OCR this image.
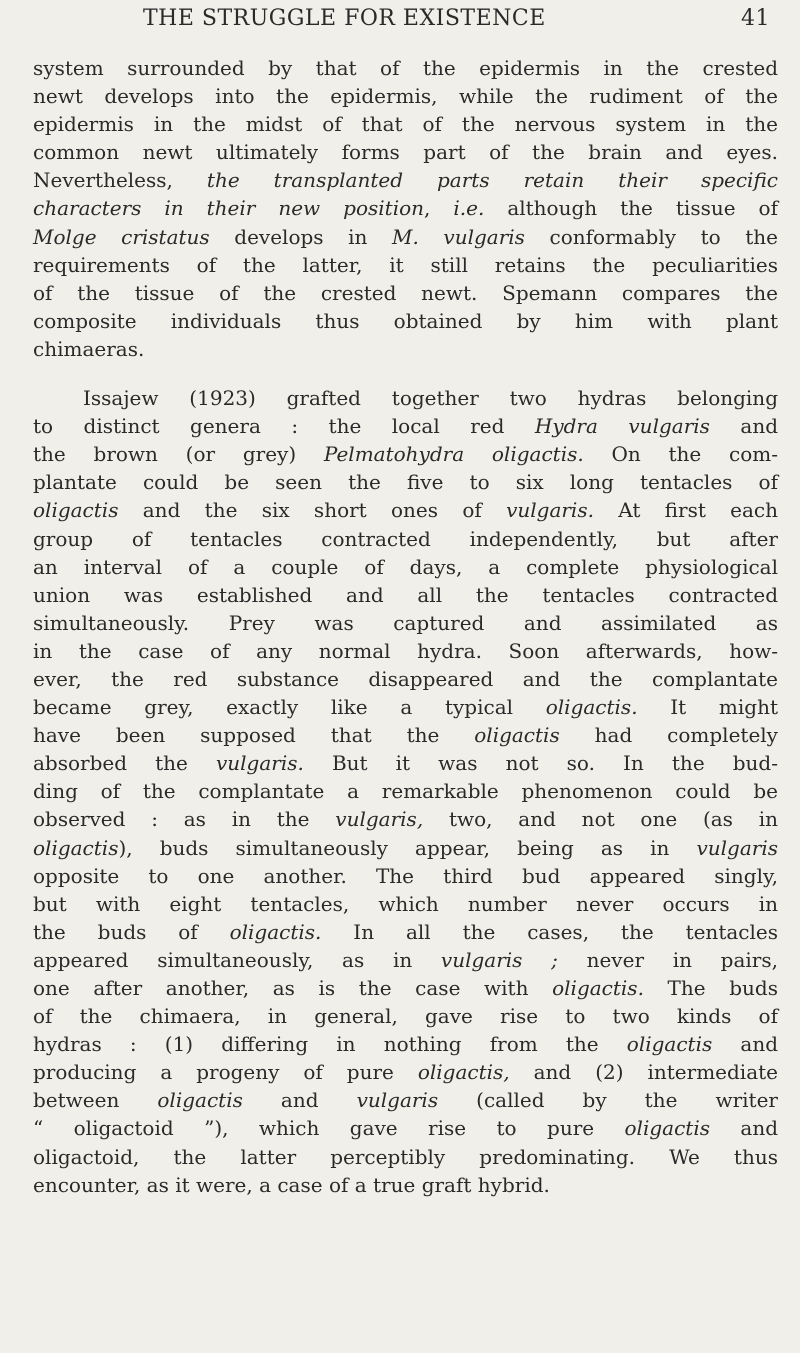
THE STRUGGLE FOR EXISTENCE	41
system surrounded by that of the epidermis in the crested
newt develops into the epidermis, while the rudiment of the
epidermis in the midst of that of the nervous system in the
common newt ultimately forms part of the brain and eyes.
Nevertheless, the transplanted parts retain their specific
characters in their new position, i.e. although the tissue of
Molge cristatus develops in M. vulgaris conformably to the
requirements of the latter, it still retains the peculiarities
of the tissue of the crested newt. Spemann compares the
composite individuals thus obtained by him with plant
chimaeras.
Issajew (1923) grafted together two hydras belonging
to distinct genera : the local red Hydra vulgaris and
the brown (or grey) Pelmatohydra oligactis. On the com-
plantate could be seen the five to six long tentacles of
oligactis and the six short ones of vulgaris. At first each
group of tentacles contracted independently, but after
an interval of a couple of days, a complete physiological
union was established and all the tentacles contracted
simultaneously. Prey was captured and assimilated as
in the case of any normal hydra. Soon afterwards, how-
ever, the red substance disappeared and the complantate
became grey, exactly like a typical oligactis. It might
have been supposed that the oligactis had completely
absorbed the vulgaris. But it was not so. In the bud-
ding of the complantate a remarkable phenomenon could be
observed : as in the vulgaris, two, and not one (as in
oligactis), buds simultaneously appear, being as in vulgaris
opposite to one another. The third bud appeared singly,
but with eight tentacles, which number never occurs in
the buds of oligactis. In all the cases, the tentacles
appeared simultaneously, as in vulgaris ; never in pairs,
one after another, as is the case with oligactis. The buds
of the chimaera, in general, gave rise to two kinds of
hydras : (1) differing in nothing from the oligactis and
producing a progeny of pure oligactis, and (2) intermediate
between oligactis and vulgaris (called by the writer
“ oligactoid ”), which gave rise to pure oligactis and
oligactoid, the latter perceptibly predominating. We thus
encounter, as it were, a case of a true graft hybrid.
